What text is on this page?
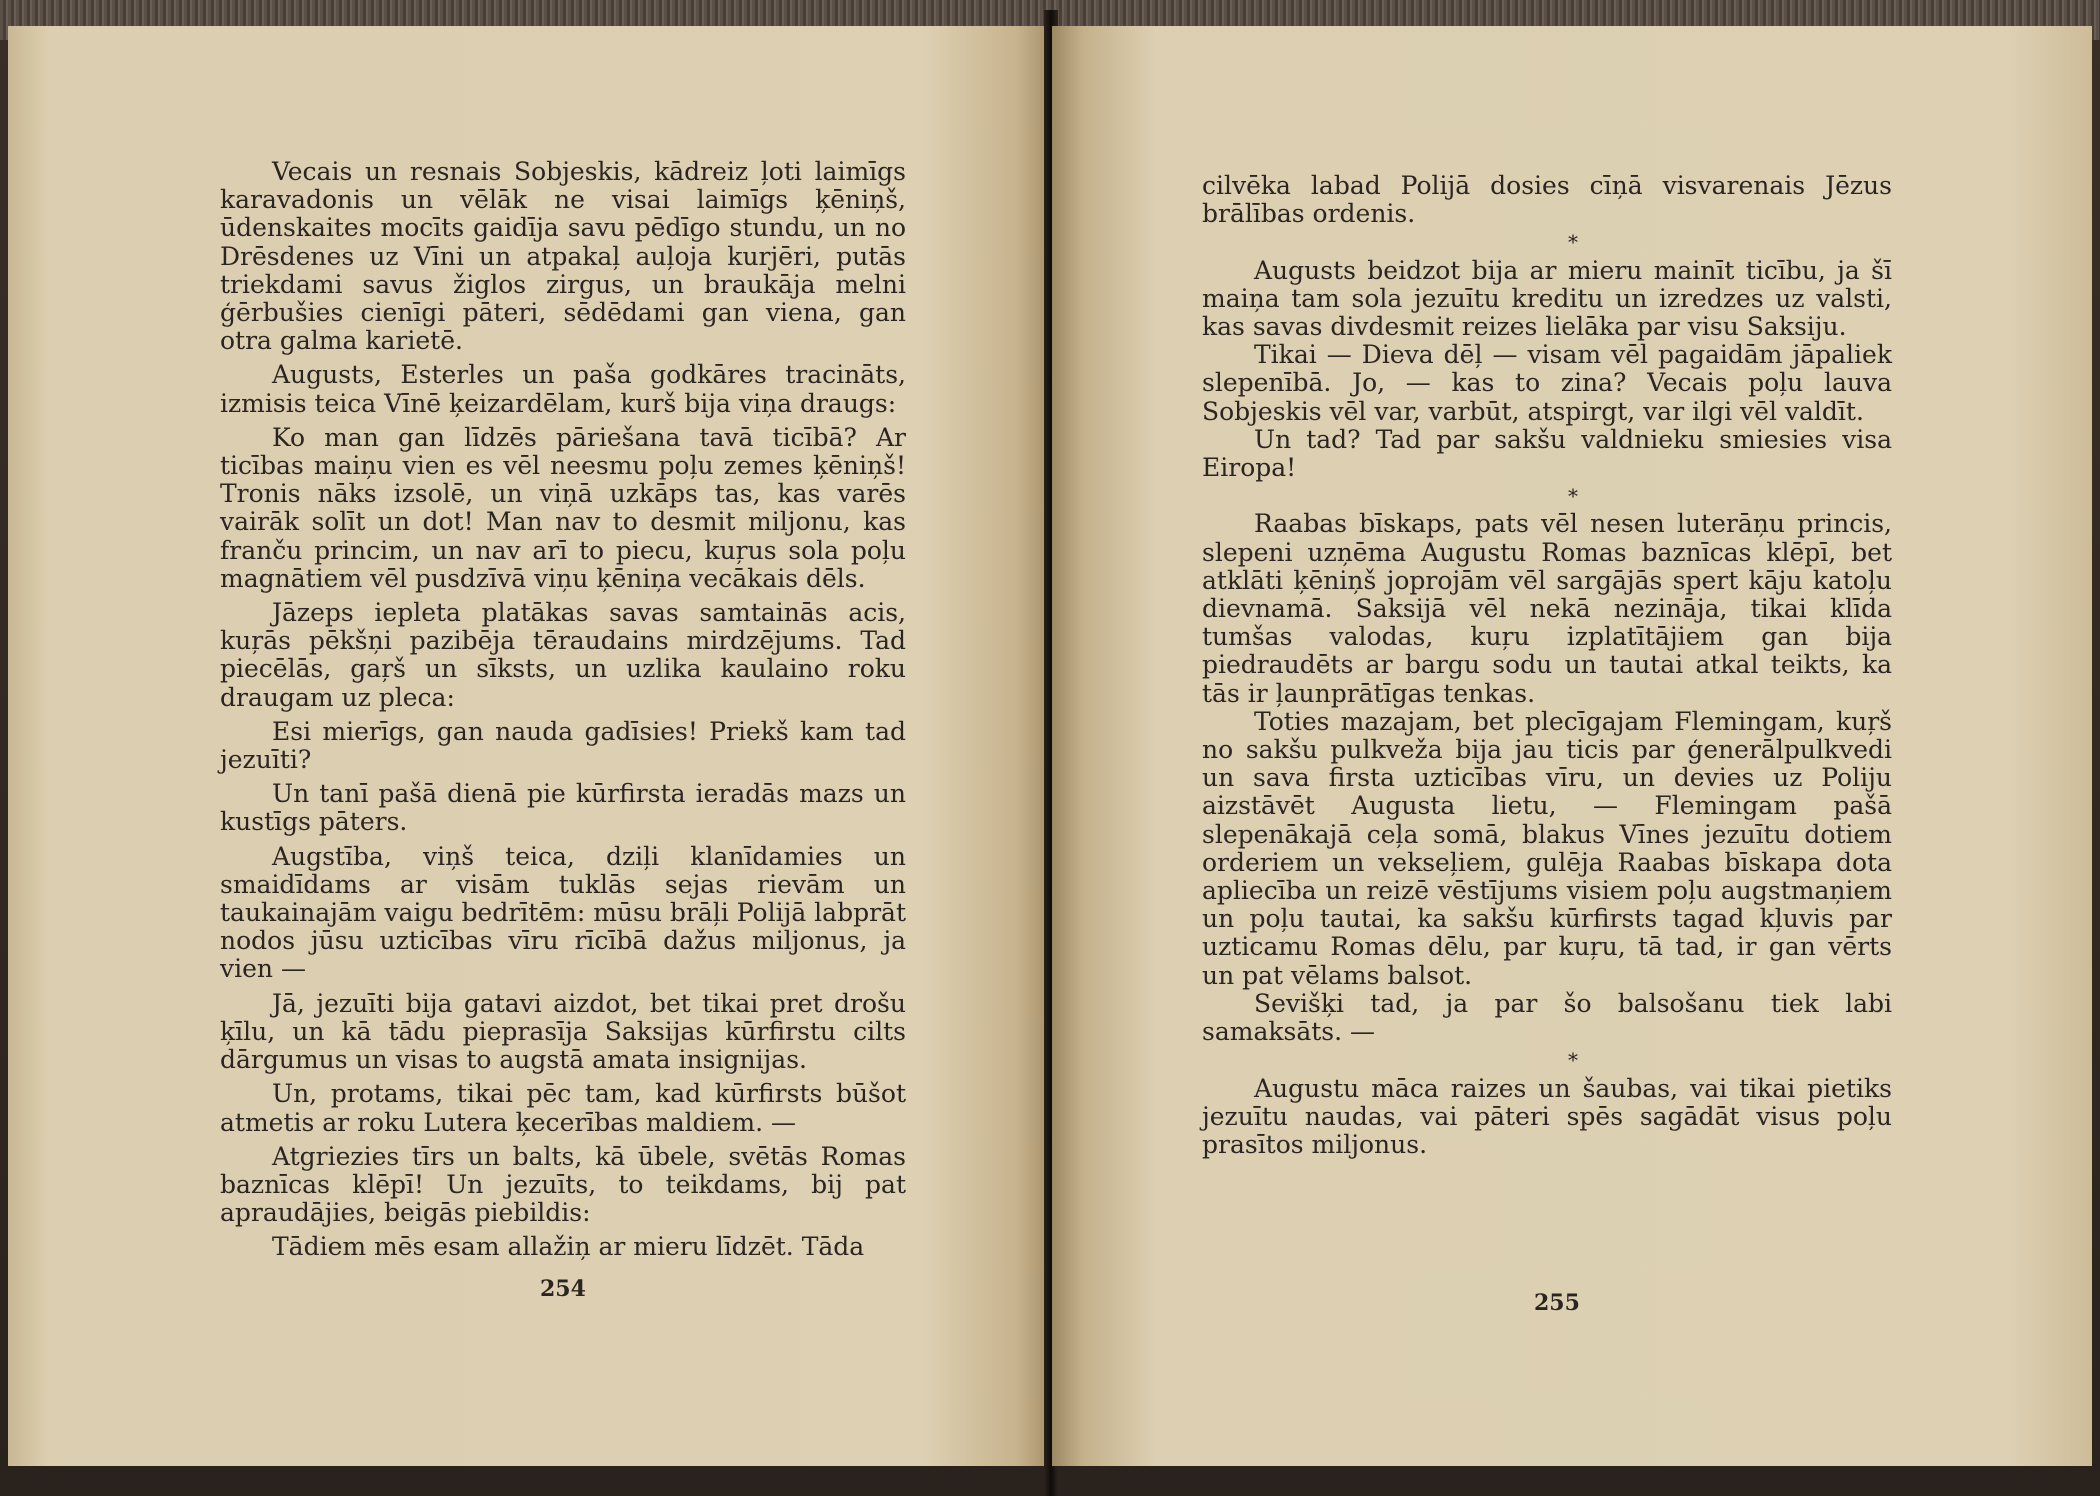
Vecais un resnais Sobjeskis, kādreiz ļoti laimīgs karavadonis un vēlāk ne visai laimīgs ķēniņš, ūdenskaites mocīts gaidīja savu pēdīgo stundu, un no Drēsdenes uz Vīni un atpakaļ auļoja kurjēri, putās triekdami savus žiglos zirgus, un braukāja melni ģērbušies cienīgi pāteri, sēdēdami gan viena, gan otra galma karietē.

Augusts, Esterles un paša godkāres tracināts, izmisis teica Vīnē ķeizardēlam, kurš bija viņa draugs:

Ko man gan līdzēs pāriešana tavā ticībā? Ar ticības maiņu vien es vēl neesmu poļu zemes ķēniņš! Tronis nāks izsolē, un viņā uzkāps tas, kas varēs vairāk solīt un dot! Man nav to desmit miljonu, kas franču princim, un nav arī to piecu, kuŗus sola poļu magnātiem vēl pusdzīvā viņu ķēniņa vecākais dēls.

Jāzeps iepleta platākas savas samtainās acis, kuŗās pēkšņi pazibēja tēraudains mirdzējums. Tad piecēlās, gaŗš un sīksts, un uzlika kaulaino roku draugam uz pleca:

Esi mierīgs, gan nauda gadīsies! Priekš kam tad jezuīti?

Un tanī pašā dienā pie kūrfirsta ieradās mazs un kustīgs pāters.

Augstība, viņš teica, dziļi klanīdamies un smaidīdams ar visām tuklās sejas rievām un taukainajām vaigu bedrītēm: mūsu brāļi Polijā labprāt nodos jūsu uzticības vīru rīcībā dažus miljonus, ja vien —

Jā, jezuīti bija gatavi aizdot, bet tikai pret drošu ķīlu, un kā tādu pieprasīja Saksijas kūrfirstu cilts dārgumus un visas to augstā amata insignijas.

Un, protams, tikai pēc tam, kad kūrfirsts būšot atmetis ar roku Lutera ķecerības maldiem. —

Atgriezies tīrs un balts, kā ūbele, svētās Romas baznīcas klēpī! Un jezuīts, to teikdams, bij pat apraudājies, beigās piebildis:

Tādiem mēs esam allažiņ ar mieru līdzēt. Tāda

254

cilvēka labad Polijā dosies cīņā visvarenais Jēzus brālības ordenis.

*

Augusts beidzot bija ar mieru mainīt ticību, ja šī maiņa tam sola jezuītu kreditu un izredzes uz valsti, kas savas divdesmit reizes lielāka par visu Saksiju.

Tikai — Dieva dēļ — visam vēl pagaidām jāpaliek slepenībā. Jo, — kas to zina? Vecais poļu lauva Sobjeskis vēl var, varbūt, atspirgt, var ilgi vēl valdīt.

Un tad? Tad par sakšu valdnieku smiesies visa Eiropa!

*

Raabas bīskaps, pats vēl nesen luterāņu princis, slepeni uzņēma Augustu Romas baznīcas klēpī, bet atklāti ķēniņš joprojām vēl sargājās spert kāju katoļu dievnamā. Saksijā vēl nekā nezināja, tikai klīda tumšas valodas, kuŗu izplatītājiem gan bija piedraudēts ar bargu sodu un tautai atkal teikts, ka tās ir ļaunprātīgas tenkas.

Toties mazajam, bet plecīgajam Flemingam, kuŗš no sakšu pulkveža bija jau ticis par ģenerālpulkvedi un sava firsta uzticības vīru, un devies uz Poliju aizstāvēt Augusta lietu, — Flemingam pašā slepenākajā ceļa somā, blakus Vīnes jezuītu dotiem orderiem un vekseļiem, gulēja Raabas bīskapa dota apliecība un reizē vēstījums visiem poļu augstmaņiem un poļu tautai, ka sakšu kūrfirsts tagad kļuvis par uzticamu Romas dēlu, par kuŗu, tā tad, ir gan vērts un pat vēlams balsot.

Sevišķi tad, ja par šo balsošanu tiek labi samaksāts. —

*

Augustu māca raizes un šaubas, vai tikai pietiks jezuītu naudas, vai pāteri spēs sagādāt visus poļu prasītos miljonus.

255
